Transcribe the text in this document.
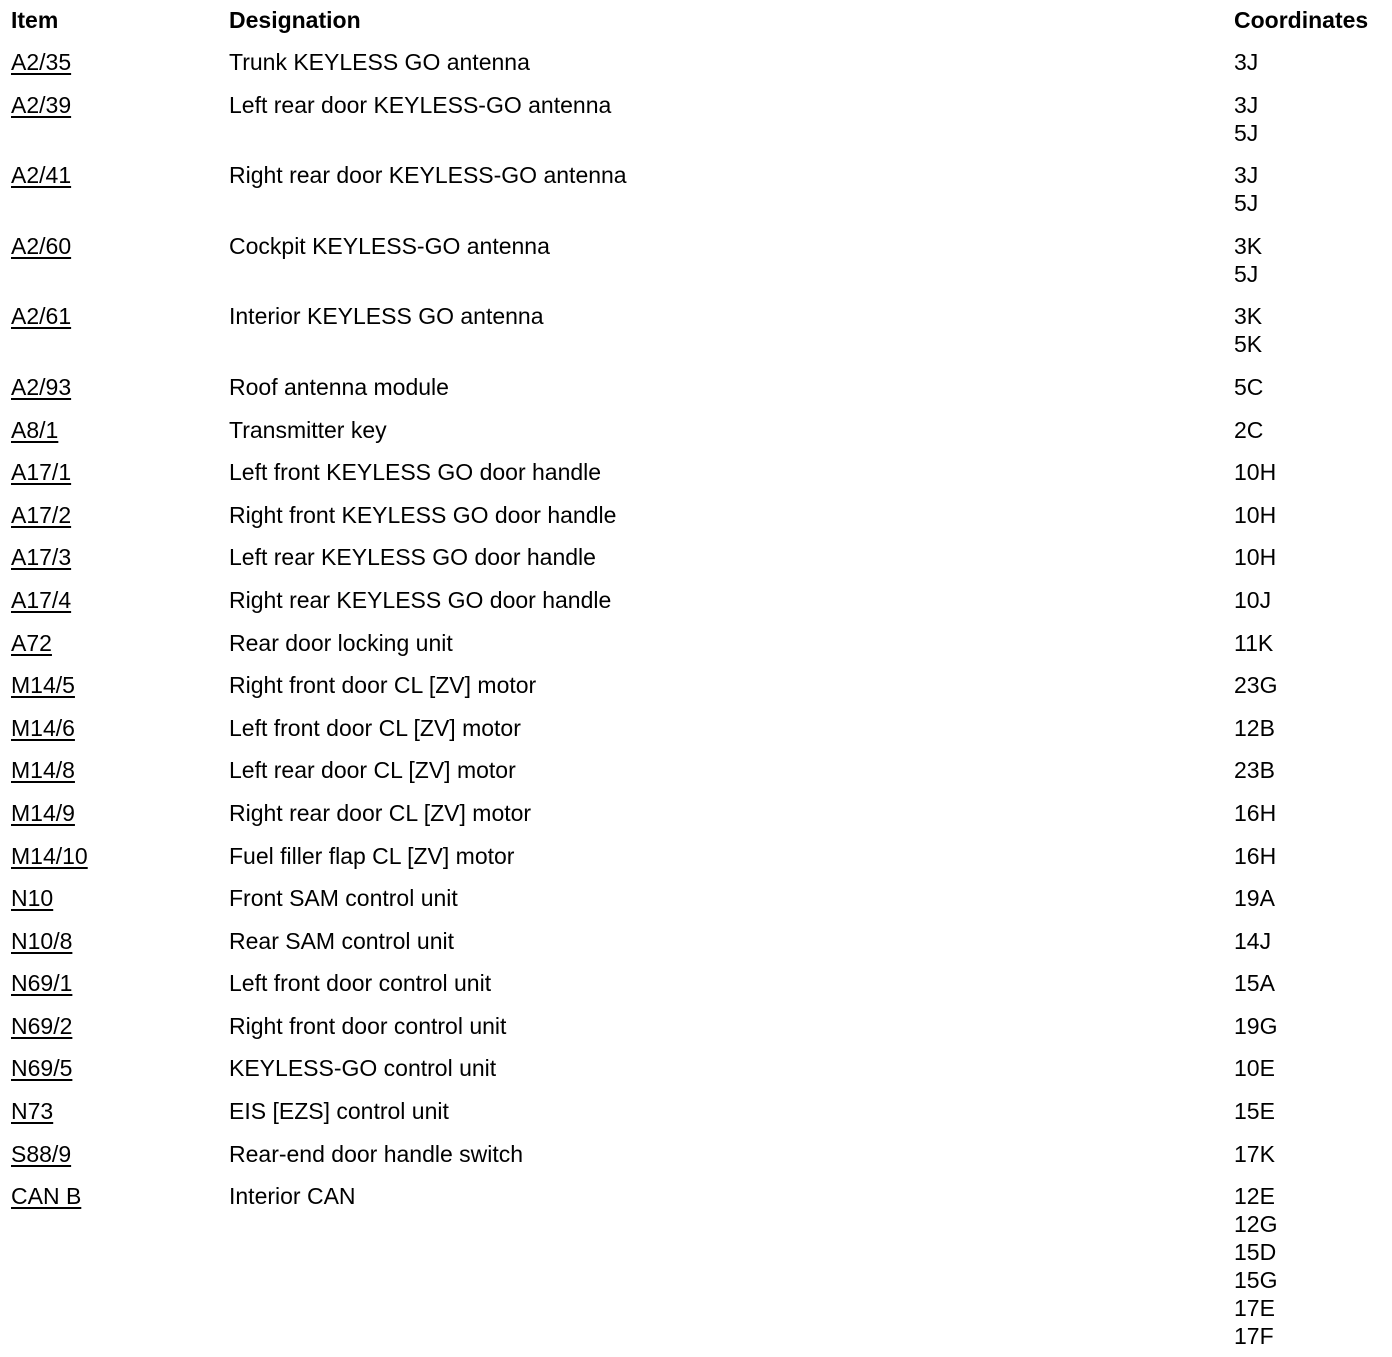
Item	Designation	Coordinates
A2/35	Trunk KEYLESS GO antenna	3J
A2/39	Left rear door KEYLESS-GO antenna	3J
5J
A2/41	Right rear door KEYLESS-GO antenna	3J
5J
A2/60	Cockpit KEYLESS-GO antenna	3K
5J
A2/61	Interior KEYLESS GO antenna	3K
5K
A2/93	Roof antenna module	5C
A8/1	Transmitter key	2C
A17/1	Left front KEYLESS GO door handle	10H
A17/2	Right front KEYLESS GO door handle	10H
A17/3	Left rear KEYLESS GO door handle	10H
A17/4	Right rear KEYLESS GO door handle	10J
A72	Rear door locking unit	11K
M14/5	Right front door CL [ZV] motor	23G
M14/6	Left front door CL [ZV] motor	12B
M14/8	Left rear door CL [ZV] motor	23B
M14/9	Right rear door CL [ZV] motor	16H
M14/10	Fuel filler flap CL [ZV] motor	16H
N10	Front SAM control unit	19A
N10/8	Rear SAM control unit	14J
N69/1	Left front door control unit	15A
N69/2	Right front door control unit	19G
N69/5	KEYLESS-GO control unit	10E
N73	EIS [EZS] control unit	15E
S88/9	Rear-end door handle switch	17K
CAN B	Interior CAN	12E
12G
15D
15G
17E
17F
